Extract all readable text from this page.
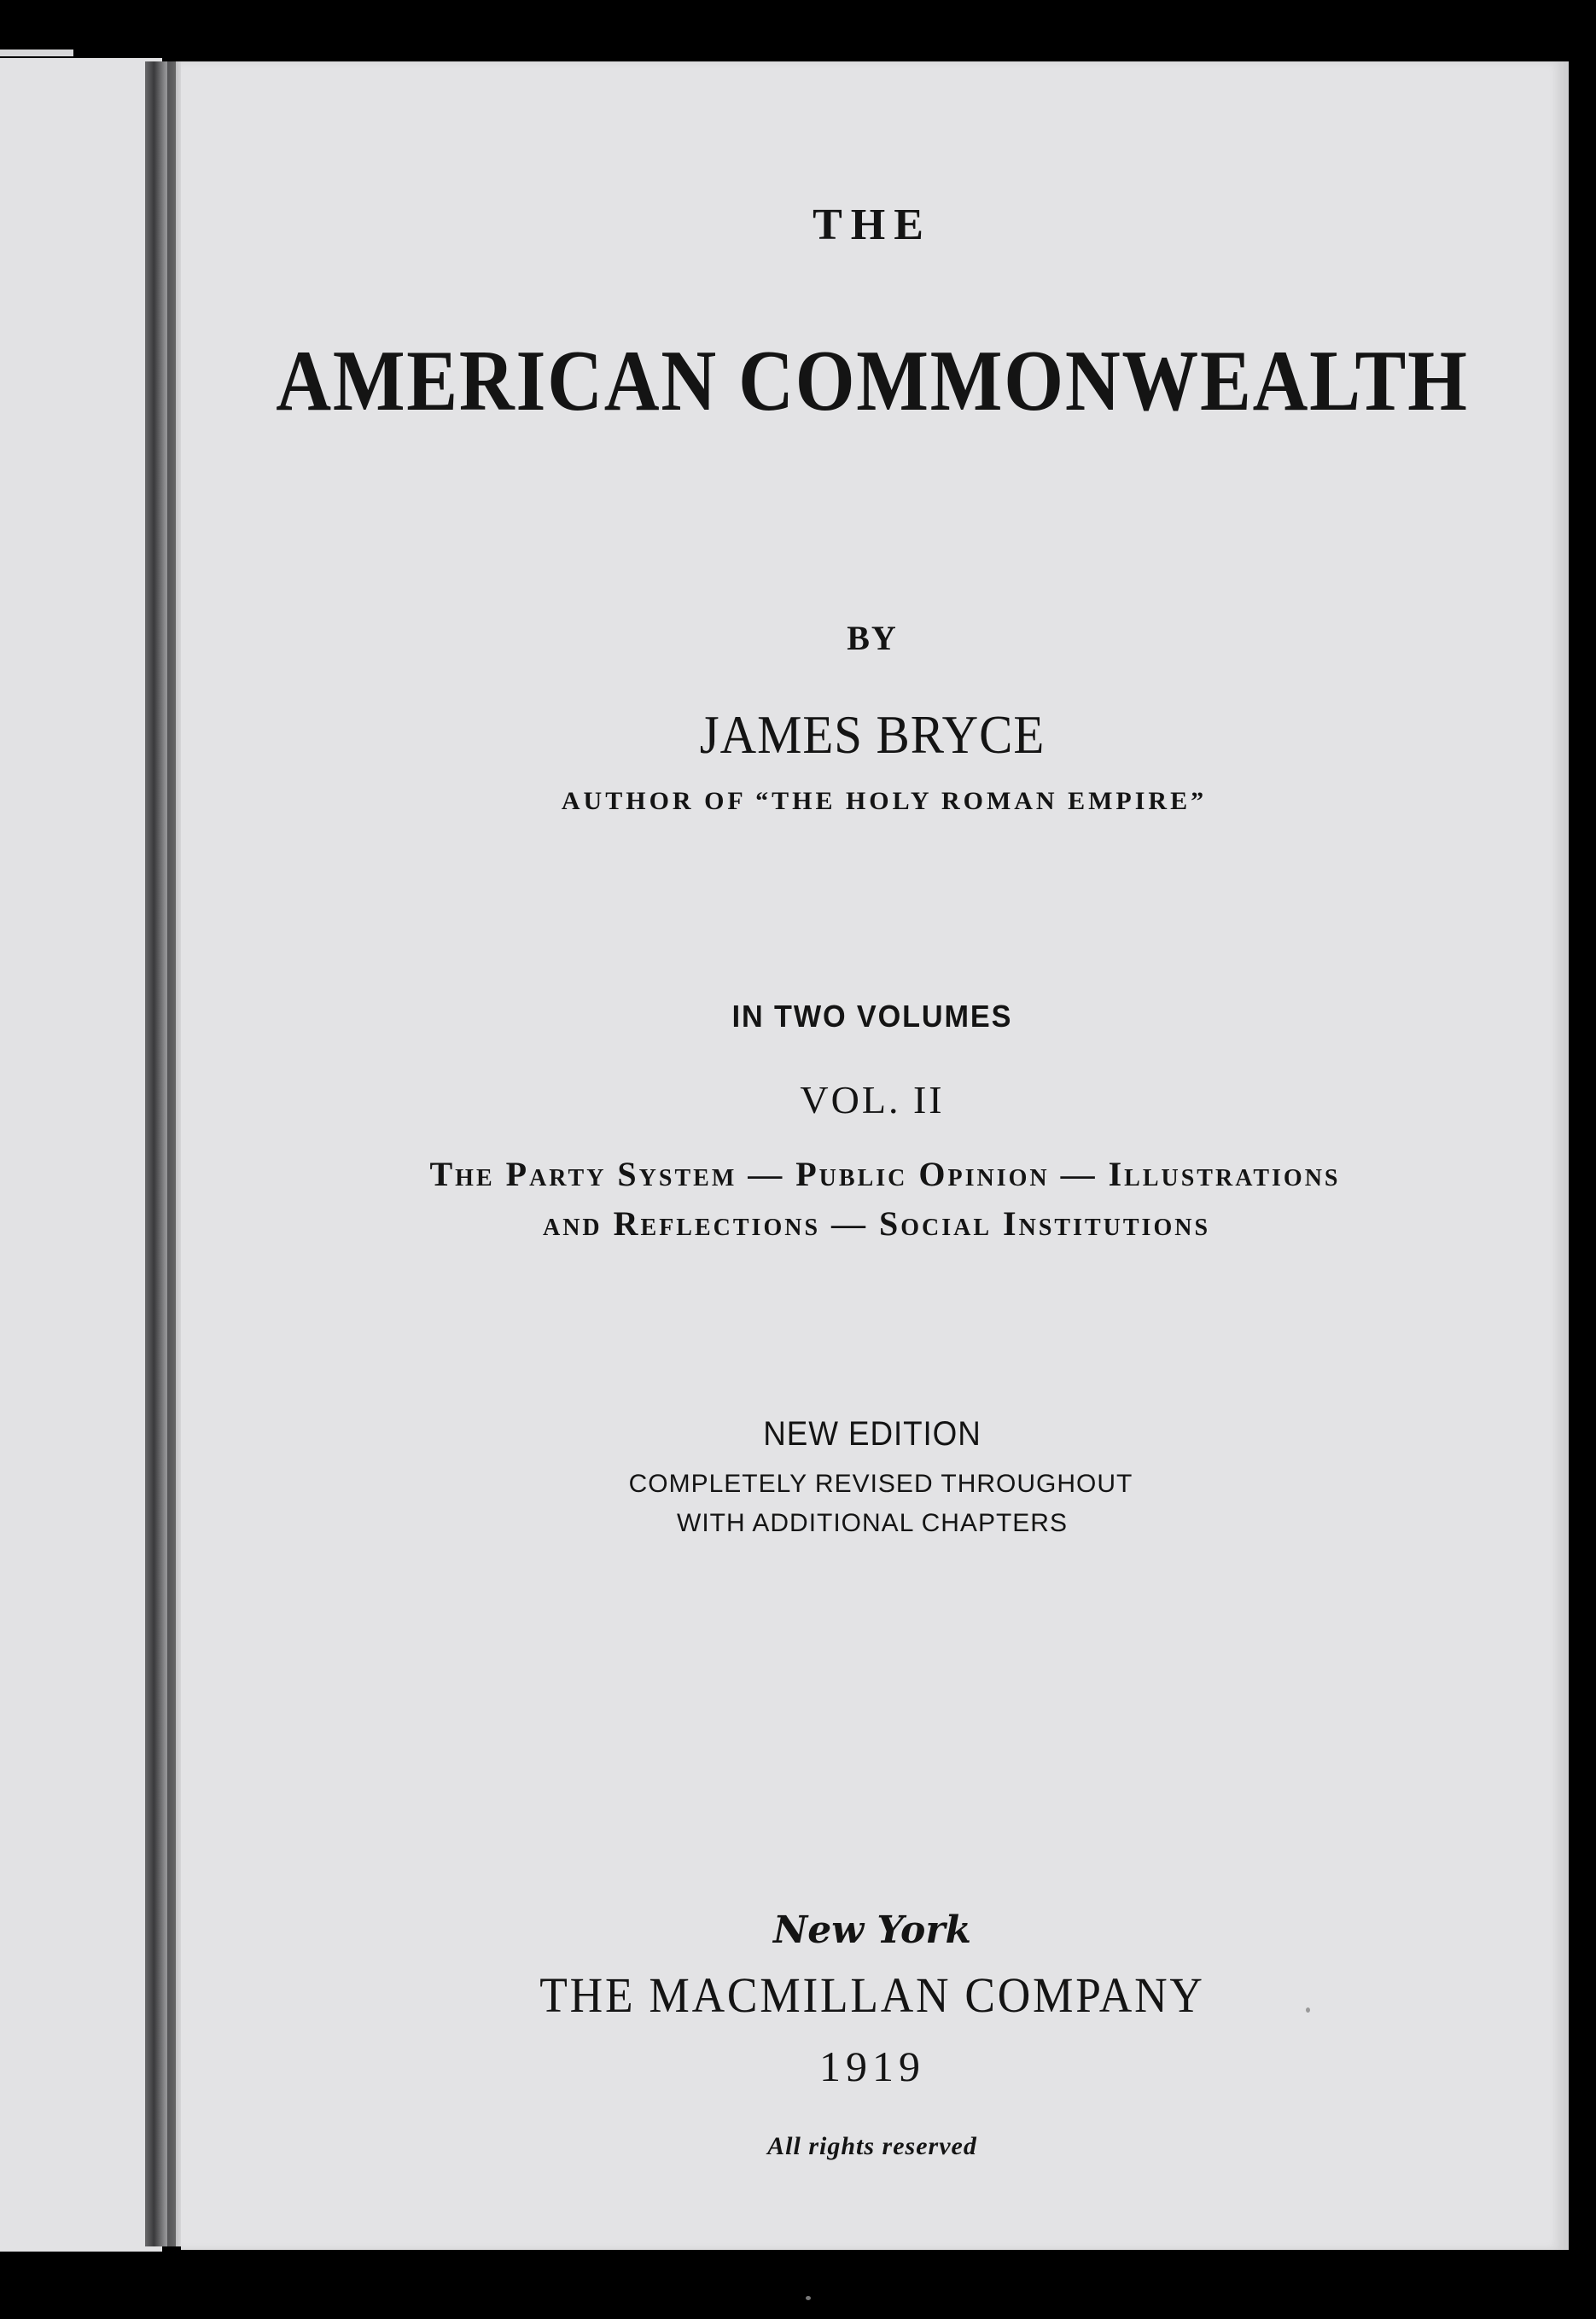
THE

AMERICAN COMMONWEALTH

BY

JAMES BRYCE

AUTHOR OF “THE HOLY ROMAN EMPIRE”

IN TWO VOLUMES

VOL. II

The Party System — Public Opinion — Illustrations

and Reflections — Social Institutions

NEW EDITION

COMPLETELY REVISED THROUGHOUT

WITH ADDITIONAL CHAPTERS

New York

THE MACMILLAN COMPANY

1919

All rights reserved
